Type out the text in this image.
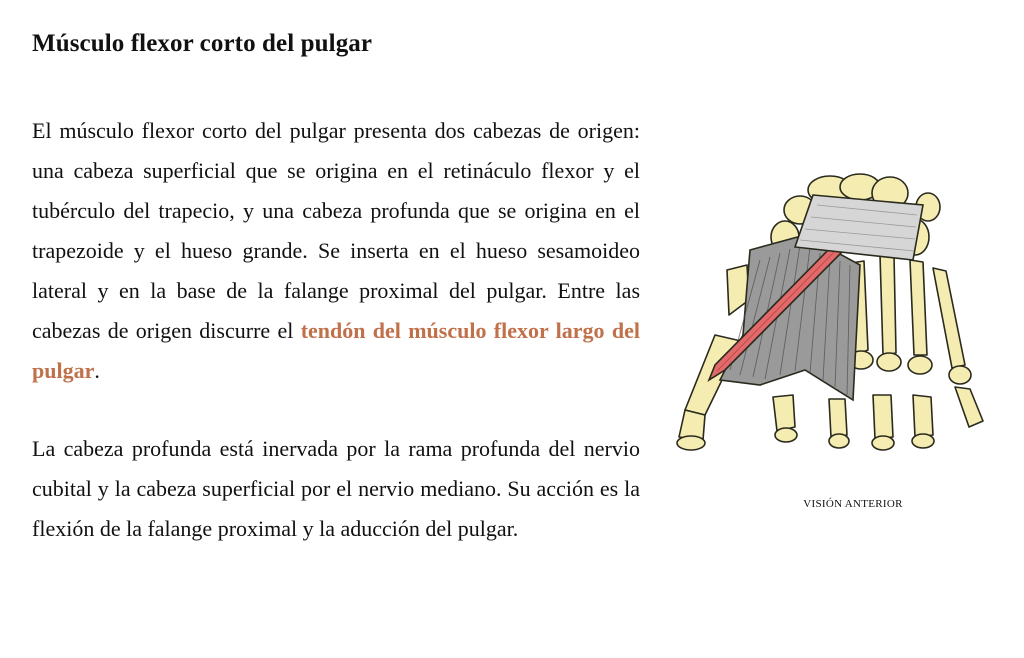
Músculo flexor corto del pulgar

El músculo flexor corto del pulgar presenta dos cabezas de origen: una cabeza superficial que se origina en el retináculo flexor y el tubérculo del trapecio, y una cabeza profunda que se origina en el trapezoide y el hueso grande. Se inserta en el hueso sesamoideo lateral y en la base de la falange proximal del pulgar. Entre las cabezas de origen discurre el tendón del músculo flexor largo del pulgar.

La cabeza profunda está inervada por la rama profunda del nervio cubital y la cabeza superficial por el nervio mediano. Su acción es la flexión de la falange proximal y la aducción del pulgar.

VISIÓN ANTERIOR
